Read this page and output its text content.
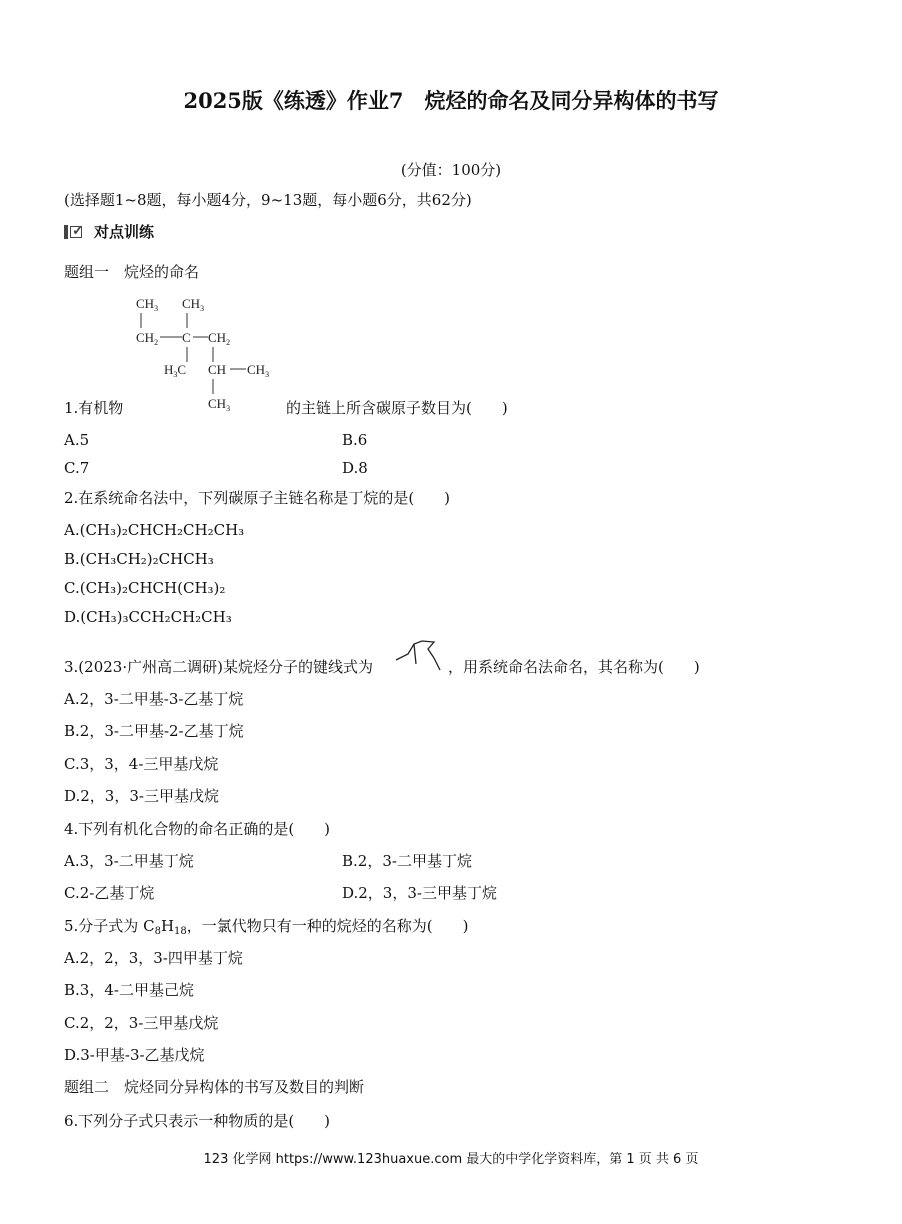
2025版《练透》作业7　烷烃的命名及同分异构体的书写
(分值：100分)
(选择题1~8题，每小题4分，9~13题，每小题6分，共62分)
✓ 对点训练
题组一　烷烃的命名
$CH_3$ $CH_3$
$CH_2$ C $CH_2$
$H_3C$ CH $CH_3$
$CH_3$
1.有机物	的主链上所含碳原子数目为(　　)
A.5	B.6
C.7	D.8
2.在系统命名法中，下列碳原子主链名称是丁烷的是(　　)
A.(CH₃)₂CHCH₂CH₂CH₃
B.(CH₃CH₂)₂CHCH₃
C.(CH₃)₂CHCH(CH₃)₂
D.(CH₃)₃CCH₂CH₂CH₃
3.(2023·广州高二调研)某烷烃分子的键线式为	，用系统命名法命名，其名称为(　　)
A.2，3-二甲基-3-乙基丁烷
B.2，3-二甲基-2-乙基丁烷
C.3，3，4-三甲基戊烷
D.2，3，3-三甲基戊烷
4.下列有机化合物的命名正确的是(　　)
A.3，3-二甲基丁烷	B.2，3-二甲基丁烷
C.2-乙基丁烷	D.2，3，3-三甲基丁烷
5.分子式为 $C_8H_{18}$，一氯代物只有一种的烷烃的名称为(　　)
A.2，2，3，3-四甲基丁烷
B.3，4-二甲基己烷
C.2，2，3-三甲基戊烷
D.3-甲基-3-乙基戊烷
题组二　烷烃同分异构体的书写及数目的判断
6.下列分子式只表示一种物质的是(　　)
123 化学网 https://www.123huaxue.com 最大的中学化学资料库，第 1 页 共 6 页
